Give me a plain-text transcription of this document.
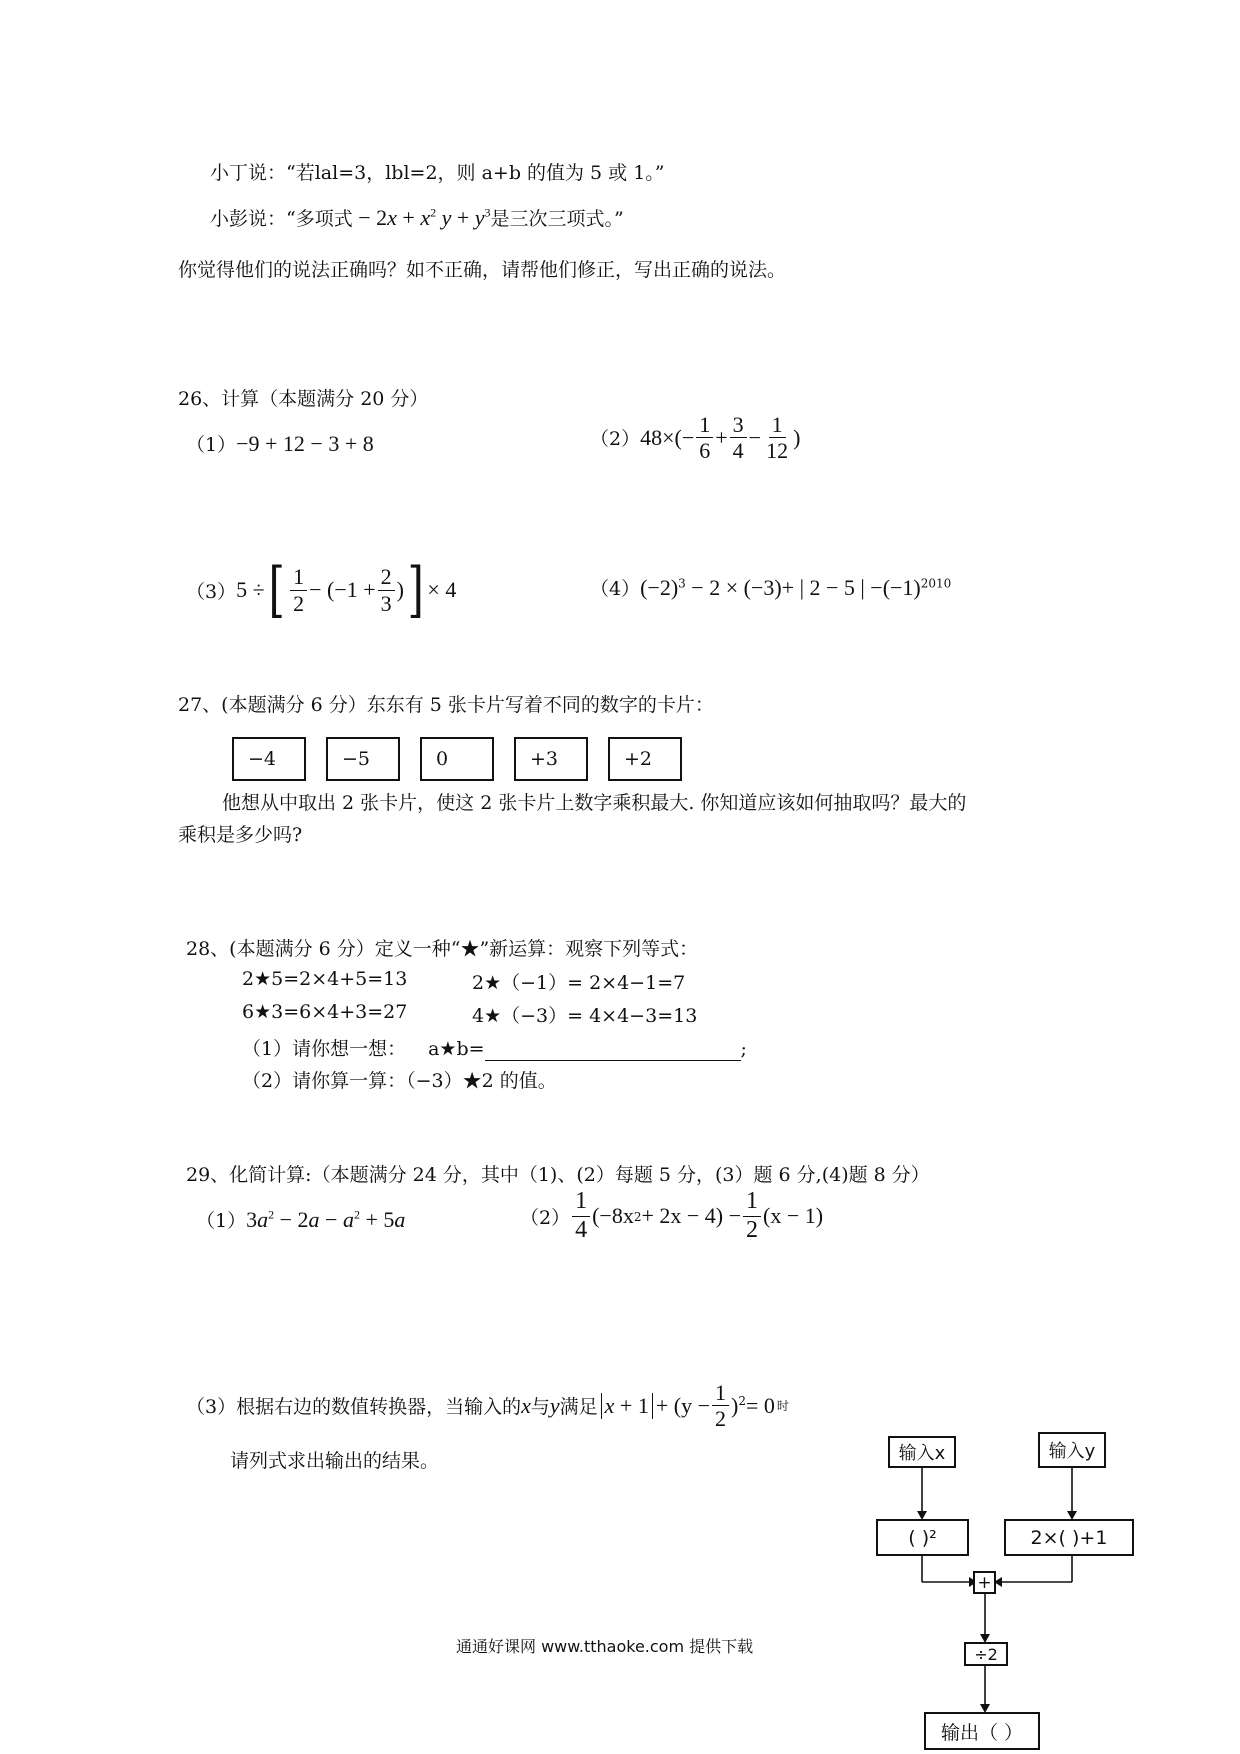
小丁说：“若lal=3，lbl=2，则 a+b 的值为 5 或 1。”
小彭说：“多项式 − $2x + x^2$ $y + y^3$是三次三项式。”
你觉得他们的说法正确吗？如不正确，请帮他们修正，写出正确的说法。
26、计算（本题满分 20 分）
（1）−9 + 12 − 3 + 8	（2） $48\times(- \frac{1}{6} + \frac{3}{4} - \frac{1}{12}$ )
（3） 5 ÷ [ $\frac{1}{2} - (-1 + \frac{2}{3}$ ) ] × 4	$(4)(-2)^3 - 2 \times (-3)+$ | 2 − 5 | $-(-1)^{2010}$
27、(本题满分 6 分）东东有 5 张卡片写着不同的数字的卡片：
−4	−5	0	+3	+2
他想从中取出 2 张卡片，使这 2 张卡片上数字乘积最大. 你知道应该如何抽取吗？最大的
乘积是多少吗?
28、(本题满分 6 分）定义一种“★”新运算：观察下列等式：
2★5=2×4+5=13	2★（−1）= 2×4−1=7
6★3=6×4+3=27	4★（−3）= 4×4−3=13
（1）请你想一想： a★b=	;
（2）请你算一算：（−3）★2 的值。
29、化简计算:（本题满分 24 分，其中（1)、(2）每题 5 分，(3）题 6 分,(4)题 8 分）
$(1)3a^2 - 2a - a^2 + 5a$	$(2) \frac{1}{4} (-8x$ $2 + 2x - 4) - \frac{1}{2} (x - 1)$
（3）根据右边的数值转换器，当输入的 x 与 y 满足 $x + 1 + (y - \frac{1}{2} )^2 = 0$ 时
请列式求出输出的结果。	输入x	输入y
( )²	2×( )+1
+
÷2
输出（ ）
通通好课网 www.tthaoke.com 提供下载
